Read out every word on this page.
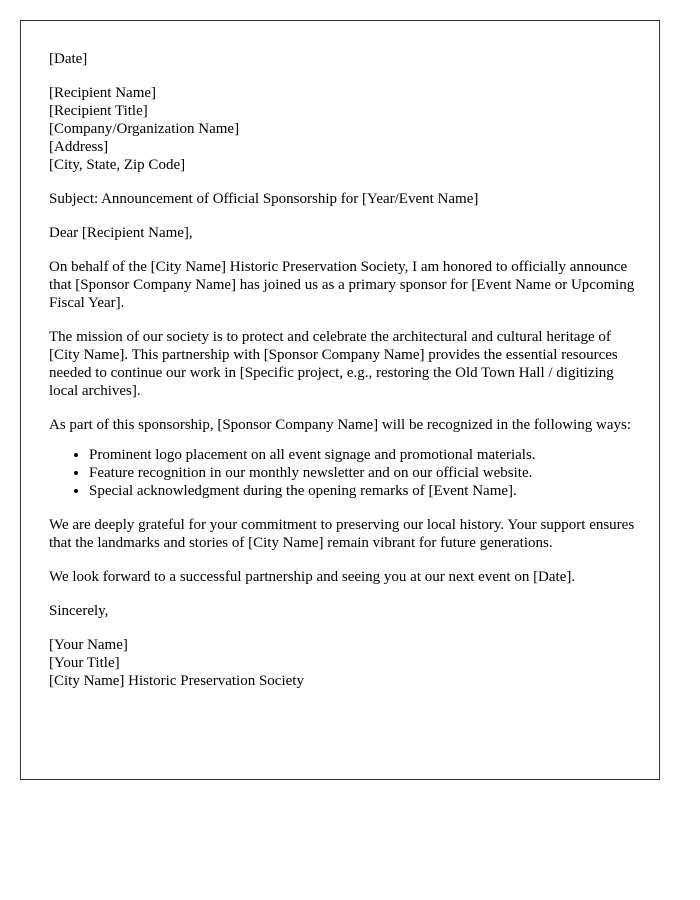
[Date]

[Recipient Name]
[Recipient Title]
[Company/Organization Name]
[Address]
[City, State, Zip Code]

Subject: Announcement of Official Sponsorship for [Year/Event Name]

Dear [Recipient Name],

On behalf of the [City Name] Historic Preservation Society, I am honored to officially announce that [Sponsor Company Name] has joined us as a primary sponsor for [Event Name or Upcoming Fiscal Year].

The mission of our society is to protect and celebrate the architectural and cultural heritage of [City Name]. This partnership with [Sponsor Company Name] provides the essential resources needed to continue our work in [Specific project, e.g., restoring the Old Town Hall / digitizing local archives].

As part of this sponsorship, [Sponsor Company Name] will be recognized in the following ways:

• Prominent logo placement on all event signage and promotional materials.
• Feature recognition in our monthly newsletter and on our official website.
• Special acknowledgment during the opening remarks of [Event Name].

We are deeply grateful for your commitment to preserving our local history. Your support ensures that the landmarks and stories of [City Name] remain vibrant for future generations.

We look forward to a successful partnership and seeing you at our next event on [Date].

Sincerely,

[Your Name]
[Your Title]
[City Name] Historic Preservation Society
